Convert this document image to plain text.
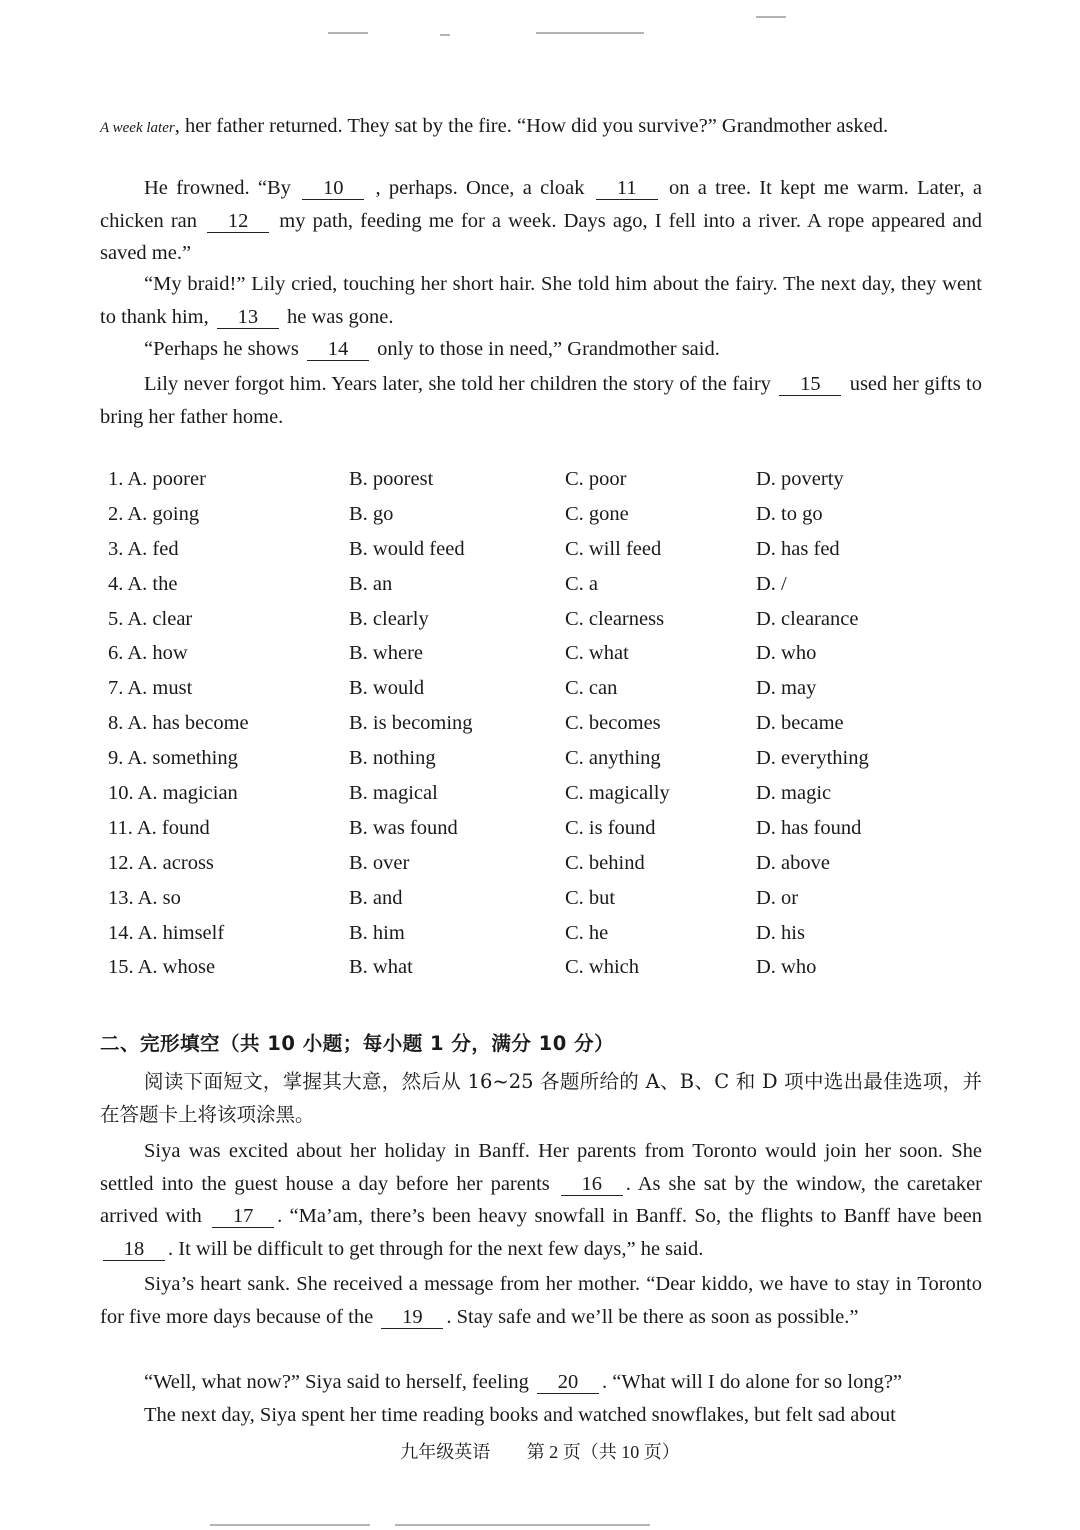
A week later, her father returned. They sat by the fire. “How did you survive?” Grandmother asked.

He frowned. “By 10 , perhaps. Once, a cloak 11 on a tree. It kept me warm. Later, a chicken ran 12 my path, feeding me for a week. Days ago, I fell into a river. A rope appeared and saved me.”

“My braid!” Lily cried, touching her short hair. She told him about the fairy. The next day, they went to thank him, 13 he was gone.

“Perhaps he shows 14 only to those in need,” Grandmother said.

Lily never forgot him. Years later, she told her children the story of the fairy 15 used her gifts to bring her father home.

1. A. poorer	B. poorest	C. poor	D. poverty
2. A. going	B. go	C. gone	D. to go
3. A. fed	B. would feed	C. will feed	D. has fed
4. A. the	B. an	C. a	D. /
5. A. clear	B. clearly	C. clearness	D. clearance
6. A. how	B. where	C. what	D. who
7. A. must	B. would	C. can	D. may
8. A. has become	B. is becoming	C. becomes	D. became
9. A. something	B. nothing	C. anything	D. everything
10. A. magician	B. magical	C. magically	D. magic
11. A. found	B. was found	C. is found	D. has found
12. A. across	B. over	C. behind	D. above
13. A. so	B. and	C. but	D. or
14. A. himself	B. him	C. he	D. his
15. A. whose	B. what	C. which	D. who
二、完形填空（共 10 小题；每小题 1 分，满分 10 分）

阅读下面短文，掌握其大意，然后从 16~25 各题所给的 A、B、C 和 D 项中选出最佳选项，并在答题卡上将该项涂黑。

Siya was excited about her holiday in Banff. Her parents from Toronto would join her soon. She settled into the guest house a day before her parents 16 . As she sat by the window, the caretaker arrived with 17 . “Ma’am, there’s been heavy snowfall in Banff. So, the flights to Banff have been 18 . It will be difficult to get through for the next few days,” he said.

Siya’s heart sank. She received a message from her mother. “Dear kiddo, we have to stay in Toronto for five more days because of the 19 . Stay safe and we’ll be there as soon as possible.”

“Well, what now?” Siya said to herself, feeling 20 . “What will I do alone for so long?”

The next day, Siya spent her time reading books and watched snowflakes, but felt sad about

九年级英语 第 2 页（共 10 页）
